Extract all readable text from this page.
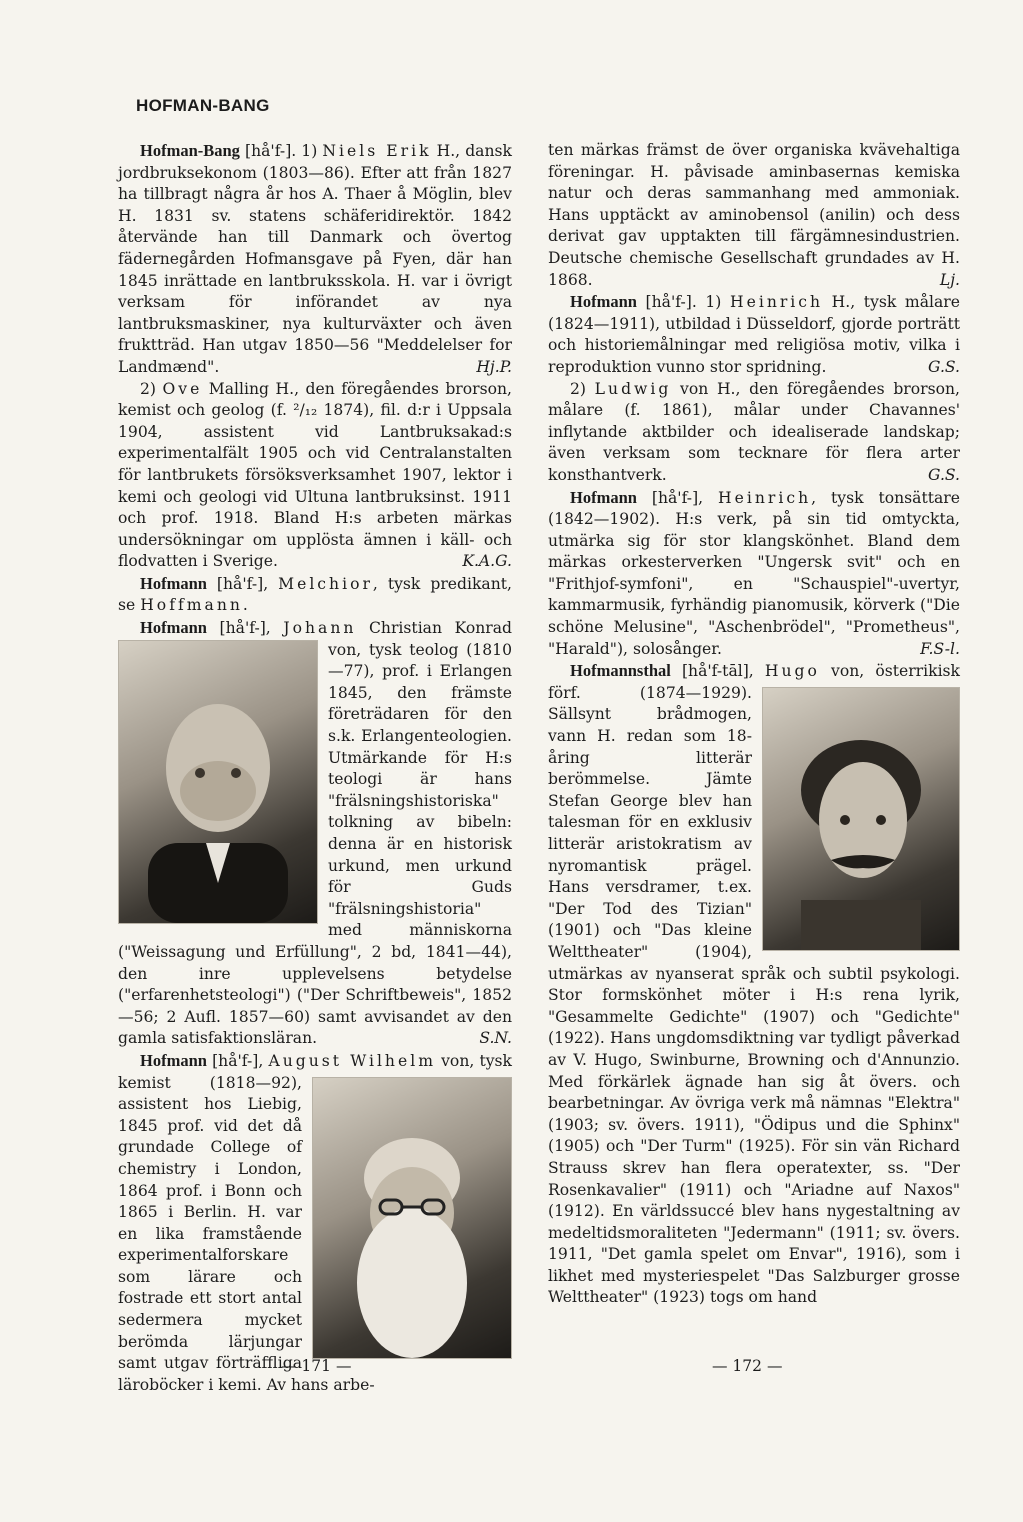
HOFMAN-BANG

Hofman-Bang [hå'f-]. 1) Niels Erik H., dansk jordbruksekonom (1803—86). Efter att från 1827 ha tillbragt några år hos A. Thaer å Möglin, blev H. 1831 sv. statens schäferidirektör. 1842 återvände han till Danmark och övertog fädernegården Hofmansgave på Fyen, där han 1845 inrättade en lantbruksskola. H. var i övrigt verksam för införandet av nya lantbruksmaskiner, nya kulturväxter och även fruktträd. Han utgav 1850—56 "Meddelelser for Landmænd".	Hj.P.

2) Ove Malling H., den föregåendes brorson, kemist och geolog (f. ²/₁₂ 1874), fil. d:r i Uppsala 1904, assistent vid Lantbruksakad:s experimentalfält 1905 och vid Centralanstalten för lantbrukets försöksverksamhet 1907, lektor i kemi och geologi vid Ultuna lantbruksinst. 1911 och prof. 1918. Bland H:s arbeten märkas undersökningar om upplösta ämnen i käll- och flodvatten i Sverige.	K.A.G.

Hofmann [hå'f-], Melchior, tysk predikant, se Hoffmann.

Hofmann [hå'f-], Johann
Christian Konrad von, tysk teolog (1810—77), prof. i Erlangen 1845, den främste företrädaren för den s.k. Erlangenteologien. Utmärkande för H:s teologi är hans "frälsningshistoriska" tolkning av bibeln: denna är en historisk urkund, men urkund för Guds "frälsningshistoria" med människorna ("Weissagung und Erfüllung", 2 bd, 1841—44), den inre upplevelsens betydelse ("erfarenhetsteologi") ("Der Schriftbeweis", 1852—56; 2 Aufl. 1857—60) samt avvisandet av den gamla satisfaktionsläran.	S.N.

Hofmann [hå'f-], August Wilhelm
von, tysk kemist (1818—92), assistent hos Liebig, 1845 prof. vid det då grundade College of chemistry i London, 1864 prof. i Bonn och 1865 i Berlin. H. var en lika framstående experimentalforskare som lärare och fostrade ett stort antal sedermera mycket berömda lärjungar samt utgav förträffliga läroböcker i kemi. Av hans arbe-

ten märkas främst de över organiska kvävehaltiga föreningar. H. påvisade aminbasernas kemiska natur och deras sammanhang med ammoniak. Hans upptäckt av aminobensol (anilin) och dess derivat gav upptakten till färgämnesindustrien. Deutsche chemische Gesellschaft grundades av H. 1868.	Lj.

Hofmann [hå'f-]. 1) Heinrich H., tysk målare (1824—1911), utbildad i Düsseldorf, gjorde porträtt och historiemålningar med religiösa motiv, vilka i reproduktion vunno stor spridning.	G.S.

2) Ludwig von H., den föregåendes brorson, målare (f. 1861), målar under Chavannes' inflytande aktbilder och idealiserade landskap; även verksam som tecknare för flera arter konsthantverk.	G.S.

Hofmann [hå'f-], Heinrich, tysk tonsättare (1842—1902). H:s verk, på sin tid omtyckta, utmärka sig för stor klangskönhet. Bland dem märkas orkesterverken "Ungersk svit" och en "Frithjof-symfoni", en "Schauspiel"-uvertyr, kammarmusik, fyrhändig pianomusik, körverk ("Die schöne Melusine", "Aschenbrödel", "Prometheus", "Harald"), solosånger.	F.S-l.

Hofmannsthal [hå'f-tāl], Hugo
von, österrikisk förf. (1874—1929). Sällsynt brådmogen, vann H. redan som 18-åring litterär berömmelse. Jämte Stefan George blev han talesman för en exklusiv litterär aristokratism av nyromantisk prägel. Hans versdramer, t.ex. "Der Tod des Tizian" (1901) och "Das kleine Welttheater" (1904), utmärkas av nyanserat språk och subtil psykologi. Stor formskönhet möter i H:s rena lyrik, "Gesammelte Gedichte" (1907) och "Gedichte" (1922). Hans ungdomsdiktning var tydligt påverkad av V. Hugo, Swinburne, Browning och d'Annunzio. Med förkärlek ägnade han sig åt övers. och bearbetningar. Av övriga verk må nämnas "Elektra" (1903; sv. övers. 1911), "Ödipus und die Sphinx" (1905) och "Der Turm" (1925). För sin vän Richard Strauss skrev han flera operatexter, ss. "Der Rosenkavalier" (1911) och "Ariadne auf Naxos" (1912). En världssuccé blev hans nygestaltning av medeltidsmoraliteten "Jedermann" (1911; sv. övers. 1911, "Det gamla spelet om Envar", 1916), som i likhet med mysteriespelet "Das Salzburger grosse Welttheater" (1923) togs om hand

— 171 —	— 172 —
